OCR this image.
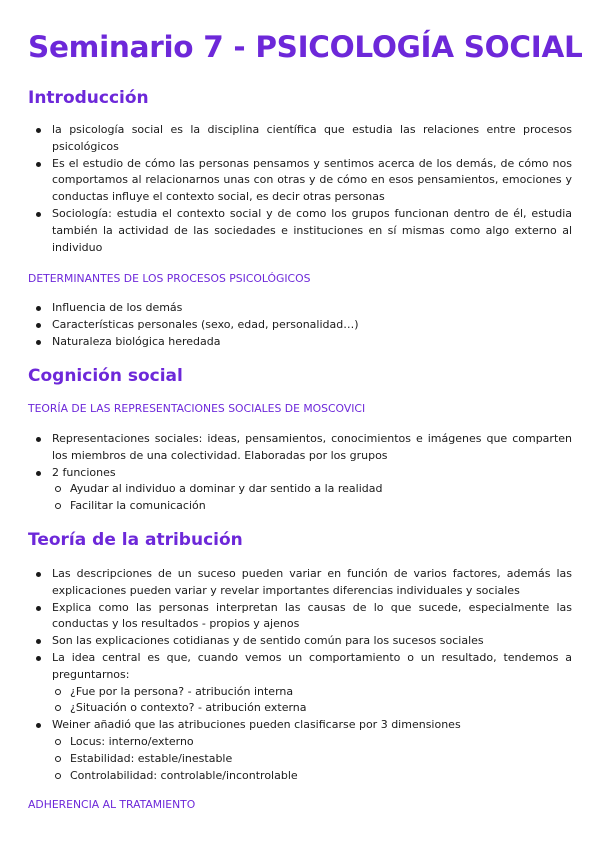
Seminario 7 - PSICOLOGÍA SOCIAL
Introducción
la psicología social es la disciplina científica que estudia las relaciones entre procesos psicológicos
Es el estudio de cómo las personas pensamos y sentimos acerca de los demás, de cómo nos comportamos al relacionarnos unas con otras y de cómo en esos pensamientos, emociones y conductas influye el contexto social, es decir otras personas
Sociología: estudia el contexto social y de como los grupos funcionan dentro de él, estudia también la actividad de las sociedades e instituciones en sí mismas como algo externo al individuo
DETERMINANTES DE LOS PROCESOS PSICOLÓGICOS
Influencia de los demás
Características personales (sexo, edad, personalidad…)
Naturaleza biológica heredada
Cognición social
TEORÍA DE LAS REPRESENTACIONES SOCIALES DE MOSCOVICI
Representaciones sociales: ideas, pensamientos, conocimientos e imágenes que comparten los miembros de una colectividad. Elaboradas por los grupos
2 funciones
Ayudar al individuo a dominar y dar sentido a la realidad
Facilitar la comunicación
Teoría de la atribución
Las descripciones de un suceso pueden variar en función de varios factores, además las explicaciones pueden variar y revelar importantes diferencias individuales y sociales
Explica como las personas interpretan las causas de lo que sucede, especialmente las conductas y los resultados - propios y ajenos
Son las explicaciones cotidianas y de sentido común para los sucesos sociales
La idea central es que, cuando vemos un comportamiento o un resultado, tendemos a preguntarnos:
¿Fue por la persona? - atribución interna
¿Situación o contexto? - atribución externa
Weiner añadió que las atribuciones pueden clasificarse por 3 dimensiones
Locus: interno/externo
Estabilidad: estable/inestable
Controlabilidad: controlable/incontrolable
ADHERENCIA AL TRATAMIENTO
